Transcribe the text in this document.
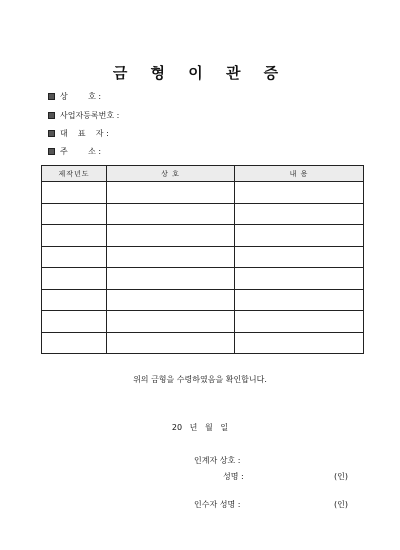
금 형 이 관 증
상        호 :
사업자등록번호 :
대    표    자 :
주        소 :
제작년도	상 호	내 용

위의 금형을 수령하였음을 확인합니다.
20   년   월   일
인계자 상호 :
성명 :	(인)
인수자 성명 :	(인)
